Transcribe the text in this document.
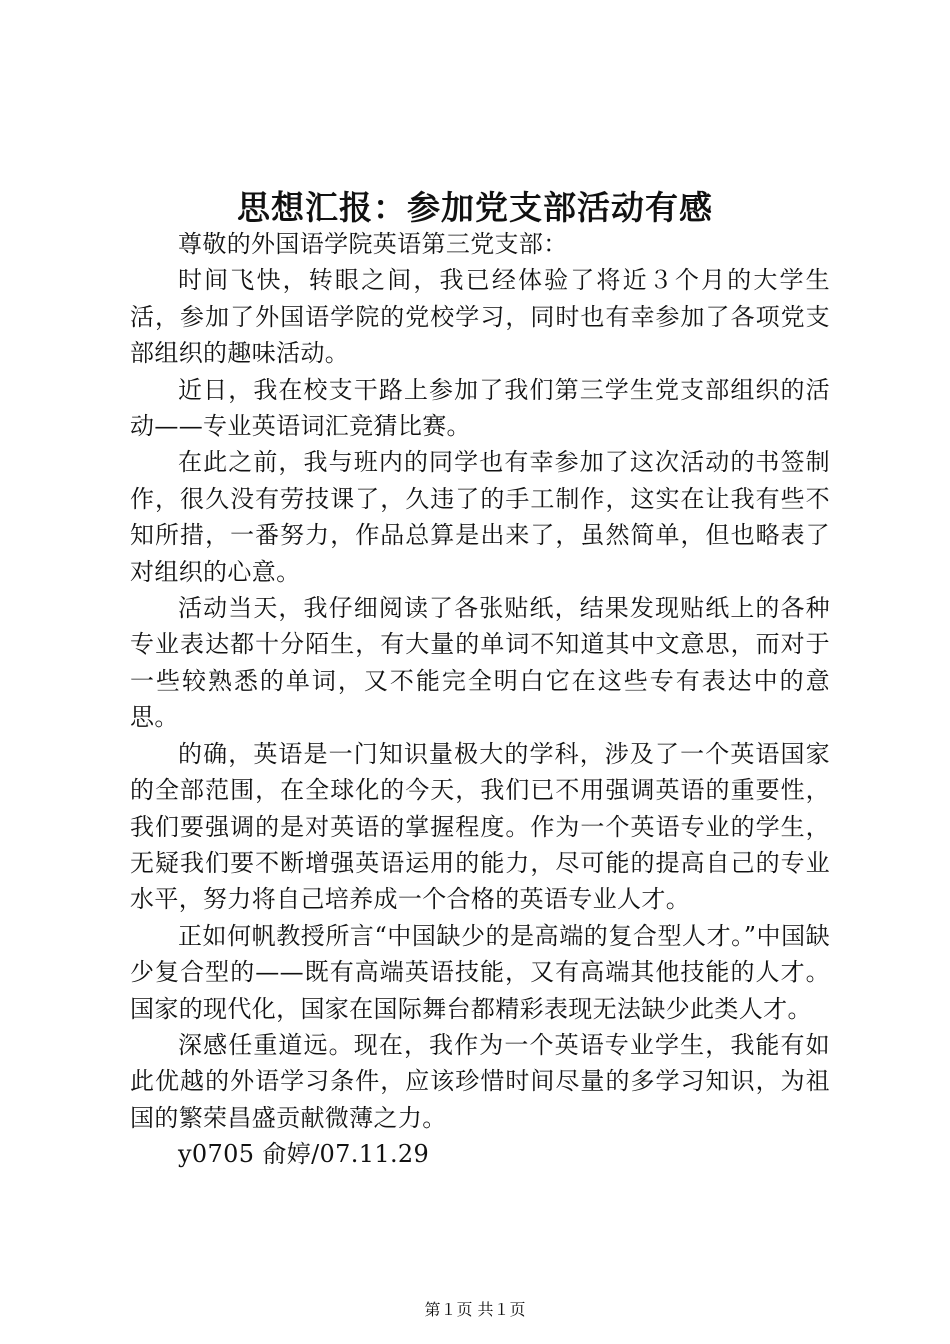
思想汇报：参加党支部活动有感

尊敬的外国语学院英语第三党支部：

时间飞快，转眼之间，我已经体验了将近３个月的大学生活，参加了外国语学院的党校学习，同时也有幸参加了各项党支部组织的趣味活动。

近日，我在校支干路上参加了我们第三学生党支部组织的活动——专业英语词汇竞猜比赛。

在此之前，我与班内的同学也有幸参加了这次活动的书签制作，很久没有劳技课了，久违了的手工制作，这实在让我有些不知所措，一番努力，作品总算是出来了，虽然简单，但也略表了对组织的心意。

活动当天，我仔细阅读了各张贴纸，结果发现贴纸上的各种专业表达都十分陌生，有大量的单词不知道其中文意思，而对于一些较熟悉的单词，又不能完全明白它在这些专有表达中的意思。

的确，英语是一门知识量极大的学科，涉及了一个英语国家的全部范围，在全球化的今天，我们已不用强调英语的重要性，我们要强调的是对英语的掌握程度。作为一个英语专业的学生，无疑我们要不断增强英语运用的能力，尽可能的提高自己的专业水平，努力将自己培养成一个合格的英语专业人才。

正如何帆教授所言“中国缺少的是高端的复合型人才。”中国缺少复合型的——既有高端英语技能，又有高端其他技能的人才。国家的现代化，国家在国际舞台都精彩表现无法缺少此类人才。

深感任重道远。现在，我作为一个英语专业学生，我能有如此优越的外语学习条件，应该珍惜时间尽量的多学习知识，为祖国的繁荣昌盛贡献微薄之力。

y0705 俞婷/07.11.29

第１页 共１页
